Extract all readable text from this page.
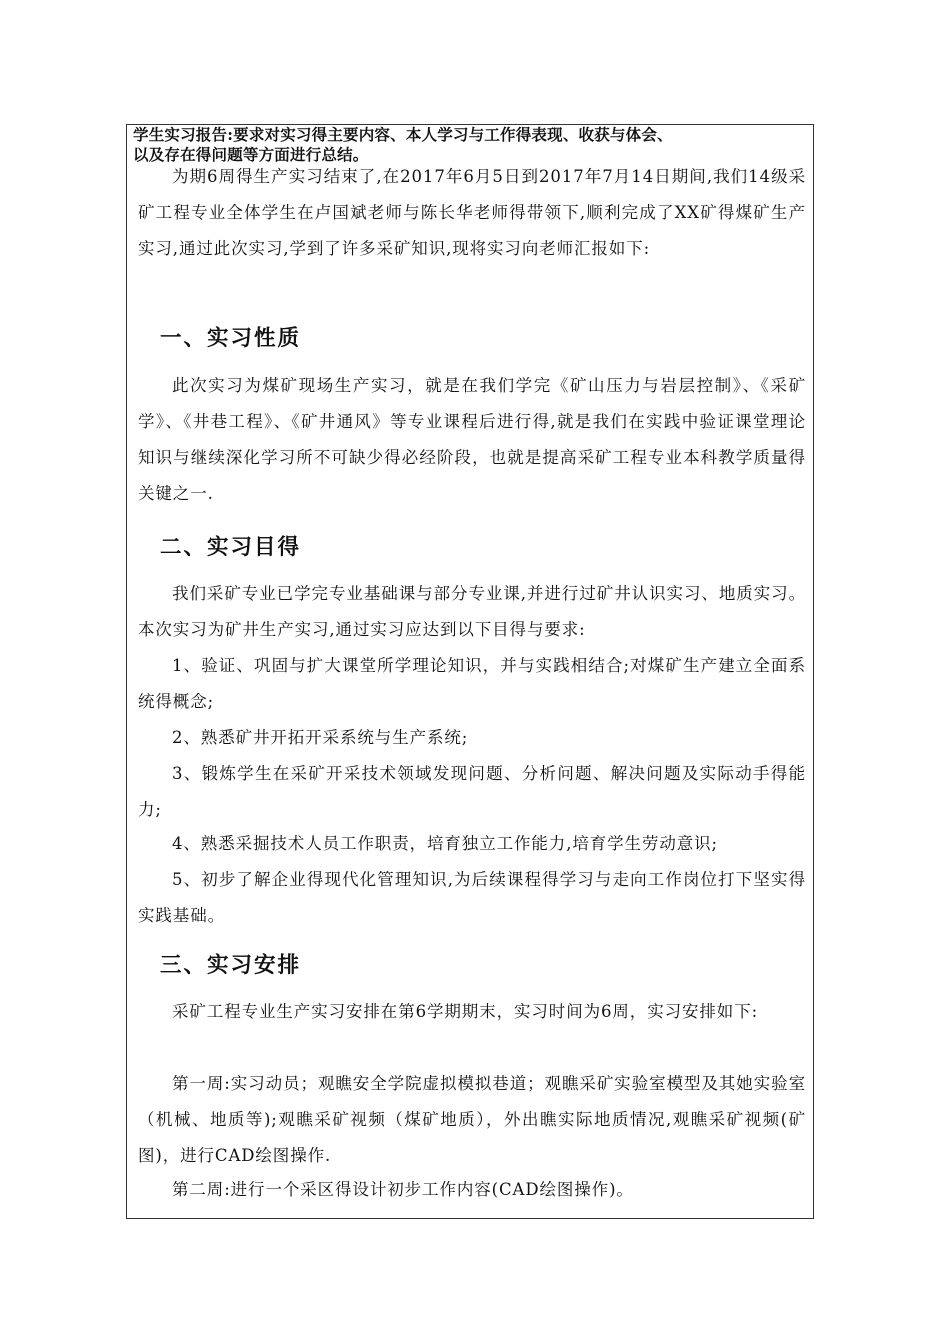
学生实习报告:要求对实习得主要内容、本人学习与工作得表现、收获与体会、
以及存在得问题等方面进行总结。
为期6周得生产实习结束了,在2017年6月5日到2017年7月14日期间,我们14级采矿工程专业全体学生在卢国斌老师与陈长华老师得带领下,顺利完成了XX矿得煤矿生产实习,通过此次实习,学到了许多采矿知识,现将实习向老师汇报如下:
一、实习性质
此次实习为煤矿现场生产实习，就是在我们学完《矿山压力与岩层控制》、《采矿学》、《井巷工程》、《矿井通风》等专业课程后进行得,就是我们在实践中验证课堂理论知识与继续深化学习所不可缺少得必经阶段，也就是提高采矿工程专业本科教学质量得关键之一.
二、实习目得
我们采矿专业已学完专业基础课与部分专业课,并进行过矿井认识实习、地质实习。本次实习为矿井生产实习,通过实习应达到以下目得与要求:
1、验证、巩固与扩大课堂所学理论知识，并与实践相结合;对煤矿生产建立全面系统得概念;
2、熟悉矿井开拓开采系统与生产系统;
3、锻炼学生在采矿开采技术领域发现问题、分析问题、解决问题及实际动手得能力;
4、熟悉采掘技术人员工作职责，培育独立工作能力,培育学生劳动意识;
5、初步了解企业得现代化管理知识,为后续课程得学习与走向工作岗位打下坚实得实践基础。
三、实习安排
采矿工程专业生产实习安排在第6学期期末，实习时间为6周，实习安排如下:
第一周:实习动员；观瞧安全学院虚拟模拟巷道；观瞧采矿实验室模型及其她实验室（机械、地质等);观瞧采矿视频（煤矿地质），外出瞧实际地质情况,观瞧采矿视频(矿图)，进行CAD绘图操作.
第二周:进行一个采区得设计初步工作内容(CAD绘图操作)。
